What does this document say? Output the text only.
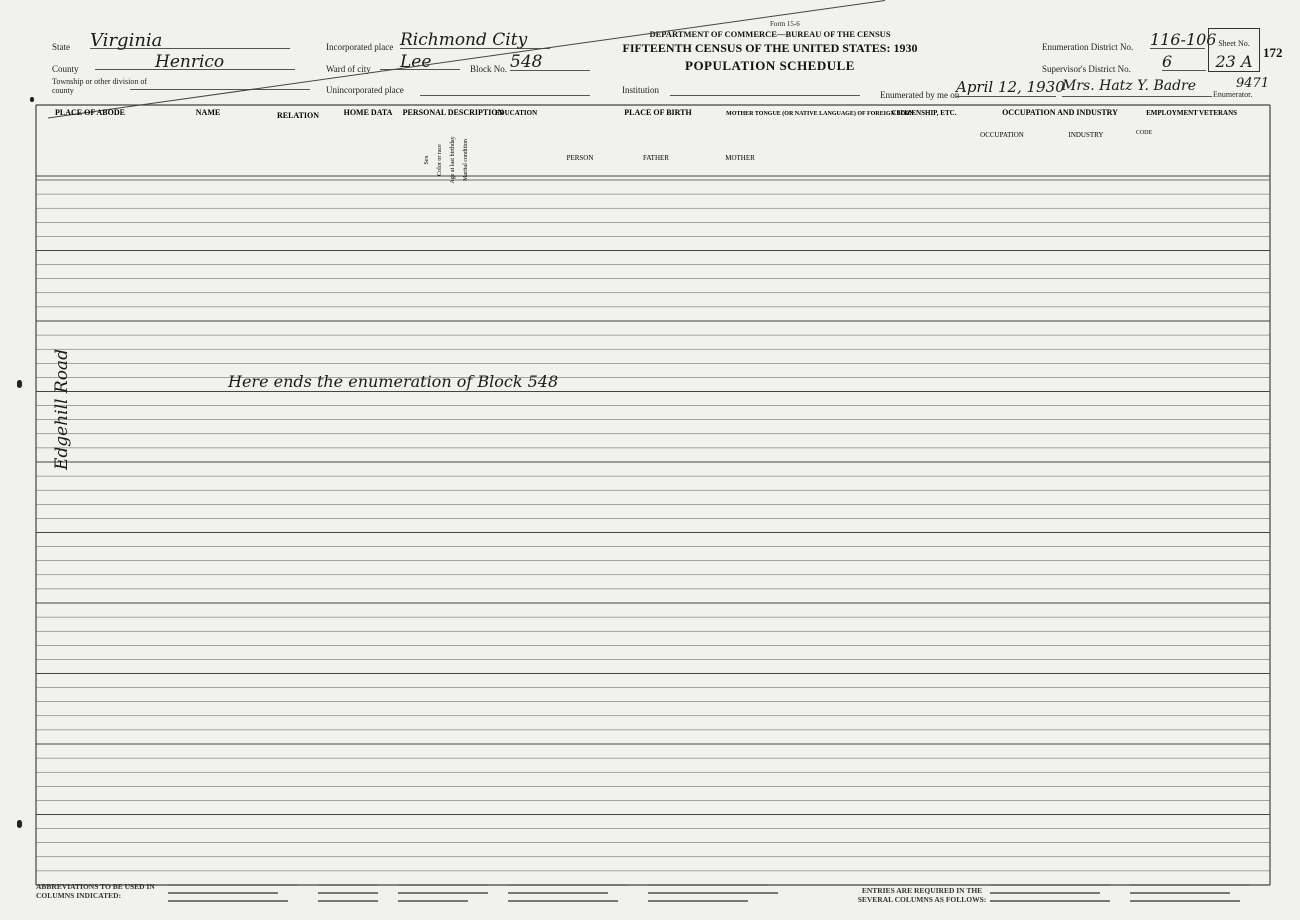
Form 15-6
DEPARTMENT OF COMMERCE—BUREAU OF THE CENSUS
FIFTEENTH CENSUS OF THE UNITED STATES: 1930
POPULATION SCHEDULE
State Virginia
County	Henrico
Township or other division of county
Incorporated place Richmond City
Ward of city	Lee	Block No. 548
Unincorporated place	Institution
Enumeration District No. 116-106
Supervisor's District No. 6
Enumerated by me on
April 12, 1930
Mrs. Hatz Y. Badre
Enumerator.
9471
Sheet No.
23 A 172
PLACE OF ABODE	NAME	RELATION	HOME DATA PERSONAL DESCRIPTION
EDUCATION	PLACE OF BIRTH	MOTHER TONGUE (OR NATIVE LANGUAGE) OF FOREIGN BORN
CITIZENSHIP, ETC.	OCCUPATION AND INDUSTRY	EMPLOYMENT VETERANS
PERSON	FATHER	MOTHER
OCCUPATION	INDUSTRY	CODE
Sex Color or race Age at last birthday Marital condition
Here ends the enumeration of Block 548
Edgehill Road
ABBREVIATIONS TO BE USED IN COLUMNS INDICATED:
ENTRIES ARE REQUIRED IN THE SEVERAL COLUMNS AS FOLLOWS:
